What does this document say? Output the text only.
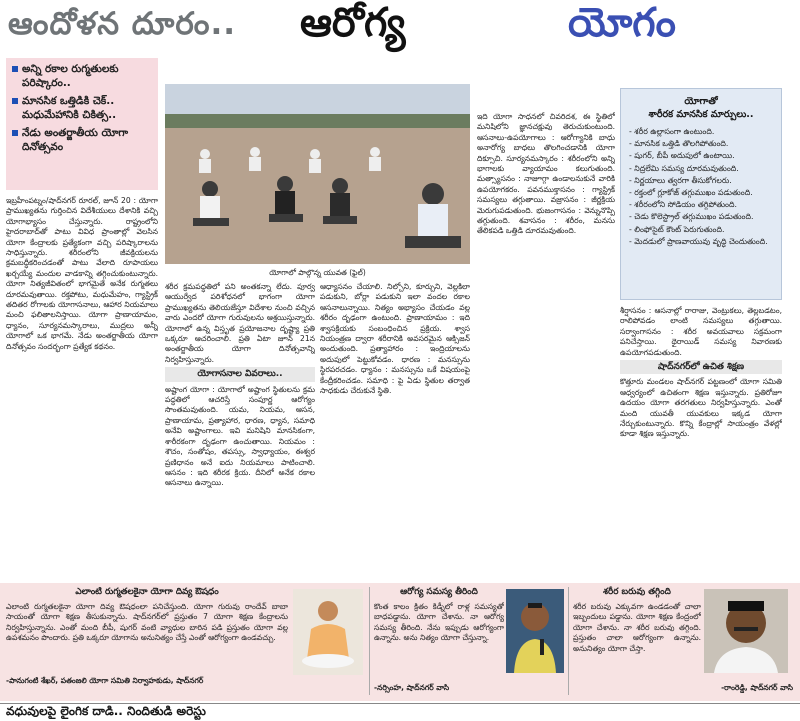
ఆందోళన దూరం.. ఆరోగ్య	యోగం
అన్ని రకాల రుగ్మతులకు పరిష్కారం..
మానసిక ఒత్తిడికి చెక్.. మధుమేహానికి చికిత్స..
నేడు అంతర్జాతీయ యోగా దినోత్సవం

ఇబ్రహీంపట్నం/షాద్‌నగర్ రూరల్, జూన్ 20 : యోగా ప్రాముఖ్యతను గుర్తించిన విదేశీయులు దేశానికి వచ్చి యోగాభ్యాసం చేస్తున్నారు. రాష్ట్రంలోని హైదరాబాద్‌తో పాటు వివిధ ప్రాంతాల్లో వెలసిన యోగా కేంద్రాలకు ప్రత్యేకంగా వచ్చి పరిష్కారాలను సాధిస్తున్నారు. శరీరంలోని జీవక్రియలను క్రమబద్ధీకరించడంతో పాటు వేలాది రూపాయలు ఖర్చయ్యే మందుల వాడకాన్ని తగ్గించుకుంటున్నారు. యోగా నిత్యజీవితంలో భాగమైతే అనేక రుగ్మతలు దూరమవుతాయి. రక్తపోటు, మధుమేహం, గ్యాస్ట్రిక్ తదితర రోగాలకు యోగాసనాలు, ఆహార నియమాలు మంచి ఫలితాలనిస్తాయి. యోగా ప్రాణాయామం, ధ్యానం, సూర్యనమస్కారాలు, ముద్రలు అన్నీ యోగాలో ఒక భాగమే. నేడు అంతర్జాతీయ యోగా దినోత్సవం సందర్భంగా ప్రత్యేక కథనం.

యోగాలో పాల్గొన్న యువత (ఫైల్)

శరీర క్రమపద్ధతిలో పని అంతకన్నా లేదు. పూర్వ ఆయుర్వేద పరిశోధనలో భాగంగా యోగా ప్రాముఖ్యతను తెలియజేస్తూ విదేశాల నుంచి వచ్చిన వారు ఎందరో యోగా గురువులను ఆశ్రయిస్తున్నారు. యోగాలో ఉన్న విస్తృత ప్రయోజనాల దృష్ట్యా ప్రతి ఒక్కరూ ఆచరించాలి. ప్రతి ఏటా జూన్ 21న అంతర్జాతీయ యోగా దినోత్సవాన్ని నిర్వహిస్తున్నారు.

యోగాసనాల వివరాలు..

అష్టాంగ యోగా : యోగాలో అష్టాంగ స్థితులను క్రమ పద్ధతిలో ఆచరిస్తే సంపూర్ణ ఆరోగ్యం సొంతమవుతుంది. యమ, నియమ, ఆసన, ప్రాణాయామ, ప్రత్యాహార, ధారణ, ధ్యాన, సమాధి అనేవి అష్టాంగాలు. ఇవి మనిషిని మానసికంగా, శారీరకంగా దృఢంగా ఉంచుతాయి. నియమం : శౌచం, సంతోషం, తపస్సు, స్వాధ్యాయం, ఈశ్వర ప్రణిధానం అనే ఐదు నియమాలు పాటించాలి. ఆసనం : ఇది శరీరక క్రియ. దీనిలో అనేక రకాల ఆసనాలు ఉన్నాయి.

ఆధ్యాసనం చేయాలి. నిల్చోని, కూర్చుని, వెల్లకిలా పడుకుని, బోర్లా పడుకుని ఇలా వందల రకాల ఆసనాలున్నాయి. నిత్యం అభ్యాసం చేయడం వల్ల శరీరం దృఢంగా ఉంటుంది. ప్రాణాయామం : ఇది శ్వాసక్రియకు సంబంధించిన ప్రక్రియ. శ్వాస నియంత్రణ ద్వారా శరీరానికి అవసరమైన ఆక్సిజన్ అందుతుంది. ప్రత్యాహారం : ఇంద్రియాలను అదుపులో పెట్టుకోవడం. ధారణ : మనస్సును స్థిరపరచడం. ధ్యానం : మనస్సును ఒకే విషయంపై కేంద్రీకరించడం. సమాధి : పై ఏడు స్థితుల తర్వాత సాధకుడు చేరుకునే స్థితి.

ఇది యోగా సాధనలో చివరిదశ, ఈ స్థితిలో మనిషిలోని జ్ఞానచక్షువు తెరుచుకుంటుంది. ఆసనాలు-ఉపయోగాలు : ఆరోగ్యానికి బాధు అనారోగ్య బాధలు తొలగించడానికి యోగా దిక్సూచి. సూర్యనమస్కారం : శరీరంలోని అన్ని భాగాలకు వ్యాయామం కలుగుతుంది. మత్స్యాసనం : నాజూగ్గా ఉండాలనుకునే వారికి ఉపయోగకరం. పవనముక్తాసనం : గ్యాస్ట్రిక్ సమస్యలు తగ్గుతాయి. వజ్రాసనం : జీర్ణక్రియ మెరుగుపడుతుంది. భుజంగాసనం : వెన్నునొప్పి తగ్గుతుంది. శవాసనం : శరీరం, మనసు తేలికపడి ఒత్తిడి దూరమవుతుంది.

యోగాతో
శారీరక మానసిక మార్పులు..
- శరీర ఉల్లాసంగా ఉంటుంది.
- మానసిక ఒత్తిడి తొలగిపోతుంది.
- షుగర్, బీపీ అదుపులో ఉంటాయి.
- నిద్రలేమి సమస్య దూరమవుతుంది.
- నిర్ణయాలు త్వరగా తీసుకోగలరు.
- రక్తంలో గ్లూకోజ్ తగ్గుముఖం పడుతుంది.
- శరీరంలోని సోడియం తగ్గిపోతుంది.
- చెడు కొలెస్ట్రాల్ తగ్గుముఖం పడుతుంది.
- లింఫోసైట్ కౌంట్ పెరుగుతుంది.
- మెదడులో ప్రాణవాయువు వృద్ధి చెందుతుంది.

శీర్షాసనం : ఆసనాల్లో రారాజు, వెంట్రుకలు, తెల్లబడటం, రాలిపోవడం లాంటి సమస్యలు తగ్గుతాయి. సర్వాంగాసనం : శరీర అవయవాలు సక్రమంగా పనిచేస్తాయి. థైరాయిడ్ సమస్య నివారణకు ఉపయోగపడుతుంది.

షాద్‌నగర్‌లో ఉచిత శిక్షణ

కొత్తూరు మండలం షాద్‌నగర్ పట్టణంలో యోగా సమితి ఆధ్వర్యంలో ఉచితంగా శిక్షణ ఇస్తున్నారు. ప్రతిరోజూ ఉదయం యోగా తరగతులు నిర్వహిస్తున్నారు. ఎంతో మంది యువతీ యువకులు ఇక్కడ యోగా నేర్చుకుంటున్నారు. కొన్ని కేంద్రాల్లో సాయంత్రం వేళల్లో కూడా శిక్షణ ఇస్తున్నారు.

ఎలాంటి రుగ్మతలకైనా యోగా దివ్య ఔషధం
ఎలాంటి రుగ్మతలకైనా యోగా దివ్య ఔషధంలా పనిచేస్తుంది. యోగా గురువు రాందేవ్ బాబా సాయంతో యోగా శిక్షణ తీసుకున్నాను. షాద్‌నగర్‌లో ప్రస్తుతం 7 యోగా శిక్షణ కేంద్రాలను నిర్వహిస్తున్నాను. ఎంతో మంది బీపీ, షుగర్ వంటి వ్యాధుల బారిన పడి ప్రస్తుతం యోగా వల్ల ఉపశమనం పొందారు. ప్రతి ఒక్కరూ యోగాను అనునిత్యం చేస్తే ఎంతో ఆరోగ్యంగా ఉండవచ్చు.
-పానుగంటి శేఖర్, పతంజలి యోగా సమితి నిర్వాహకుడు, షాద్‌నగర్
ఆరోగ్య సమస్య తీరింది
కొంత కాలం క్రితం కిడ్నీలో రాళ్ల సమస్యతో బాధపడ్డాను. యోగా చేశాను. నా ఆరోగ్య సమస్య తీరింది. నేను ఇప్పుడు ఆరోగ్యంగా ఉన్నాను. అను నిత్యం యోగా చేస్తున్నా.
-నర్సింహ, షాద్‌నగర్ వాసి
శరీర బరువు తగ్గింది
శరీర బరువు ఎక్కువగా ఉండడంతో చాలా ఇబ్బందులు పడ్డాను. యోగా శిక్షణ కేంద్రంలో యోగా చేశాను. నా శరీర బరువు తగ్గింది. ప్రస్తుతం చాలా ఆరోగ్యంగా ఉన్నాను. అనునిత్యం యోగా చేస్తా.
-రాంరెడ్డి, షాద్‌నగర్ వాసి
వధువులపై లైంగిక దాడి.. నిందితుడి అరెస్టు
